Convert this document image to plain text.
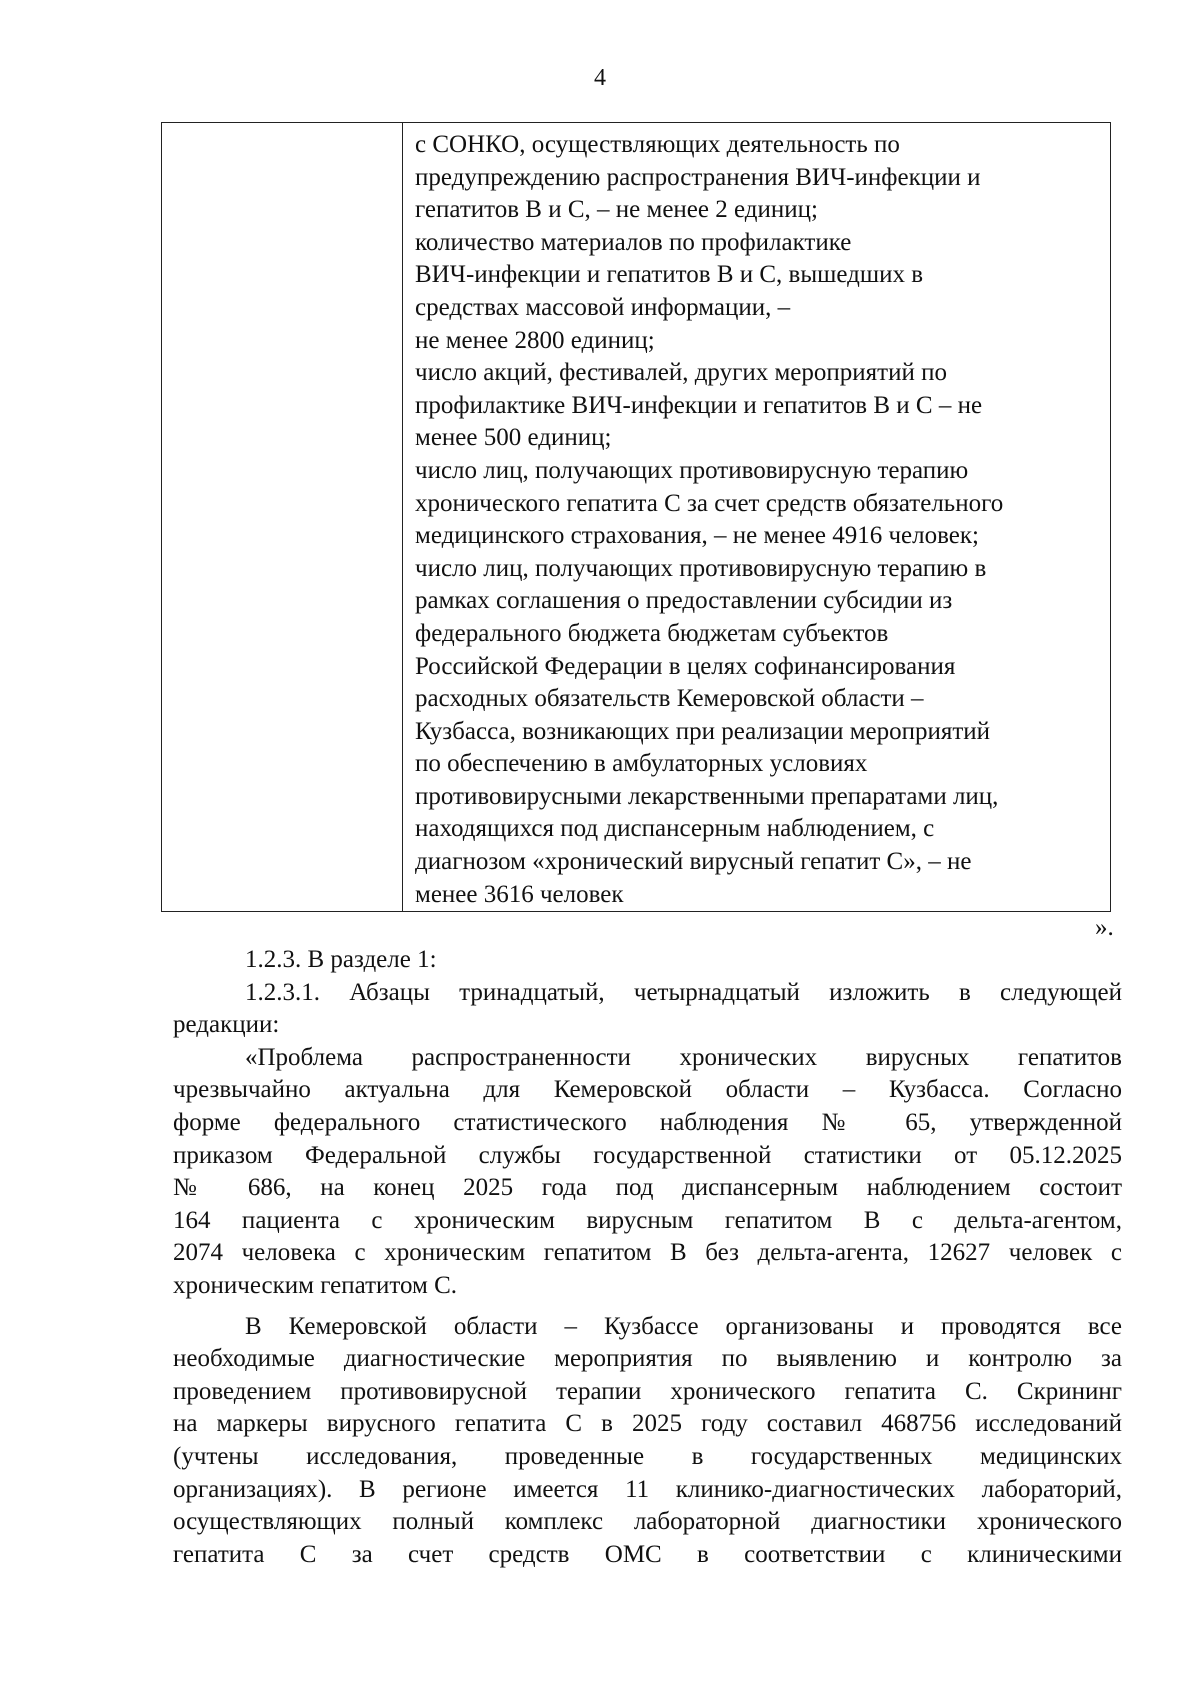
4
с СОНКО, осуществляющих деятельность по
предупреждению распространения ВИЧ-инфекции и
гепатитов В и С, – не менее 2 единиц;
количество материалов по профилактике
ВИЧ-инфекции и гепатитов В и С, вышедших в
средствах массовой информации, –
не менее 2800 единиц;
число акций, фестивалей, других мероприятий по
профилактике ВИЧ-инфекции и гепатитов В и С – не
менее 500 единиц;
число лиц, получающих противовирусную терапию
хронического гепатита С за счет средств обязательного
медицинского страхования, – не менее 4916 человек;
число лиц, получающих противовирусную терапию в
рамках соглашения о предоставлении субсидии из
федерального бюджета бюджетам субъектов
Российской Федерации в целях софинансирования
расходных обязательств Кемеровской области –
Кузбасса, возникающих при реализации мероприятий
по обеспечению в амбулаторных условиях
противовирусными лекарственными препаратами лиц,
находящихся под диспансерным наблюдением, с
диагнозом «хронический вирусный гепатит С», – не
менее 3616 человек
».
1.2.3. В разделе 1:
1.2.3.1. Абзацы тринадцатый, четырнадцатый изложить в следующей
редакции:
«Проблема распространенности хронических вирусных гепатитов
чрезвычайно актуальна для Кемеровской области – Кузбасса. Согласно
форме федерального статистического наблюдения № 65, утвержденной
приказом Федеральной службы государственной статистики от 05.12.2025
№ 686, на конец 2025 года под диспансерным наблюдением состоит
164 пациента с хроническим вирусным гепатитом В с дельта-агентом,
2074 человека с хроническим гепатитом В без дельта-агента, 12627 человек с
хроническим гепатитом С.
В Кемеровской области – Кузбассе организованы и проводятся все
необходимые диагностические мероприятия по выявлению и контролю за
проведением противовирусной терапии хронического гепатита С. Скрининг
на маркеры вирусного гепатита С в 2025 году составил 468756 исследований
(учтены исследования, проведенные в государственных медицинских
организациях). В регионе имеется 11 клинико-диагностических лабораторий,
осуществляющих полный комплекс лабораторной диагностики хронического
гепатита С за счет средств ОМС в соответствии с клиническими
